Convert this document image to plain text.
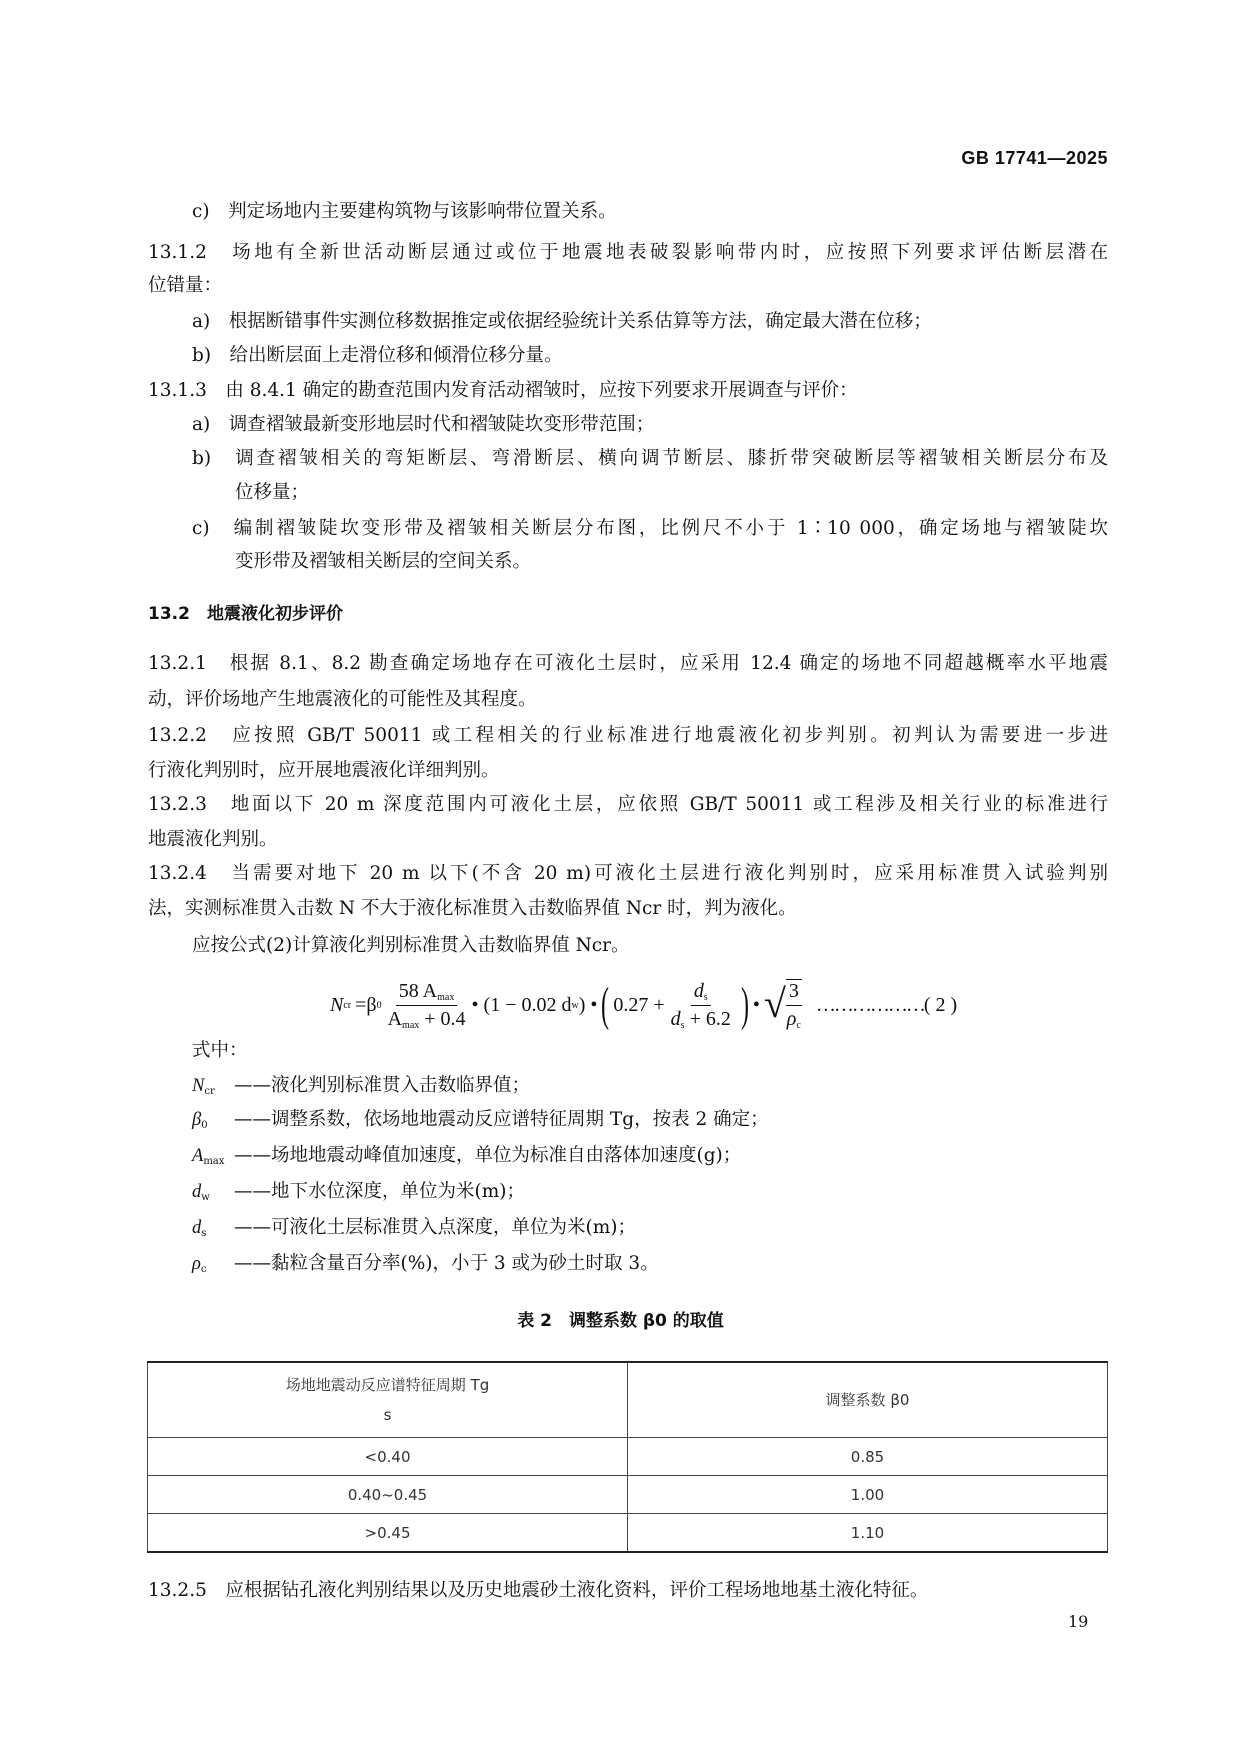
GB 17741—2025
c)　判定场地内主要建构筑物与该影响带位置关系。
13.1.2　场地有全新世活动断层通过或位于地震地表破裂影响带内时，应按照下列要求评估断层潜在
位错量：
a)　根据断错事件实测位移数据推定或依据经验统计关系估算等方法，确定最大潜在位移；
b)　给出断层面上走滑位移和倾滑位移分量。
13.1.3　由 8.4.1 确定的勘查范围内发育活动褶皱时，应按下列要求开展调查与评价：
a)　调查褶皱最新变形地层时代和褶皱陡坎变形带范围；
b)　调查褶皱相关的弯矩断层、弯滑断层、横向调节断层、膝折带突破断层等褶皱相关断层分布及
位移量；
c)　编制褶皱陡坎变形带及褶皱相关断层分布图，比例尺不小于 1∶10 000，确定场地与褶皱陡坎
变形带及褶皱相关断层的空间关系。
13.2　地震液化初步评价
13.2.1　根据 8.1、8.2 勘查确定场地存在可液化土层时，应采用 12.4 确定的场地不同超越概率水平地震
动，评价场地产生地震液化的可能性及其程度。
13.2.2　应按照 GB/T 50011 或工程相关的行业标准进行地震液化初步判别。初判认为需要进一步进
行液化判别时，应开展地震液化详细判别。
13.2.3　地面以下 20 m 深度范围内可液化土层，应依照 GB/T 50011 或工程涉及相关行业的标准进行
地震液化判别。
13.2.4　当需要对地下 20 m 以下(不含 20 m)可液化土层进行液化判别时，应采用标准贯入试验判别
法，实测标准贯入击数 N 不大于液化标准贯入击数临界值 Ncr 时，判为液化。
应按公式(2)计算液化判别标准贯入击数临界值 Ncr。
N cr =β $0 \frac{58 A_{max}}{A_{max} + 0.4}$ • (1 − 0.02 d w ) • ( $0.27 + \frac{d_s}{d_s + 6.2}$ ) • √ $\frac{3}{\rho_c}$ ……………… ( 2 )
式中：
$N_{cr}$ ——液化判别标准贯入击数临界值；
$\beta_0$ ——调整系数，依场地地震动反应谱特征周期 Tg，按表 2 确定；
$A_{max}$ ——场地地震动峰值加速度，单位为标准自由落体加速度(g)；
$d_w$ ——地下水位深度，单位为米(m)；
$d_s$ ——可液化土层标准贯入点深度，单位为米(m)；
$\rho_c$ ——黏粒含量百分率(%)，小于 3 或为砂土时取 3。
表 2　调整系数 β0 的取值
场地地震动反应谱特征周期 Tg
s	调整系数 β0
<0.40	0.85
0.40~0.45	1.00
>0.45	1.10
13.2.5　应根据钻孔液化判别结果以及历史地震砂土液化资料，评价工程场地地基土液化特征。
19
